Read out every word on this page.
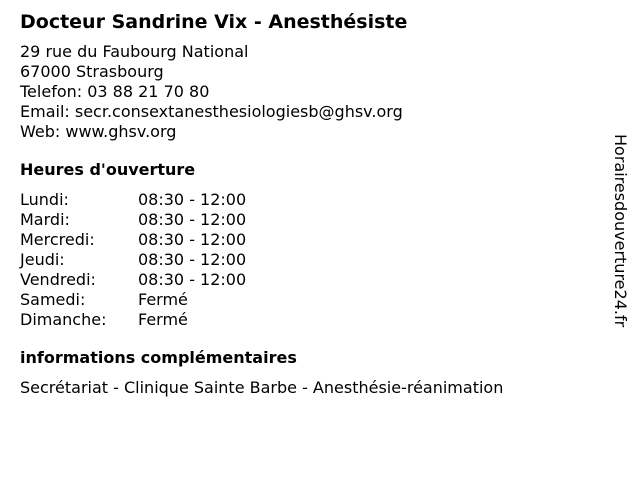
Docteur Sandrine Vix - Anesthésiste
29 rue du Faubourg National
67000 Strasbourg
Telefon: 03 88 21 70 80
Email: secr.consextanesthesiologiesb@ghsv.org
Web: www.ghsv.org
Heures d'ouverture
Lundi:	08:30 - 12:00
Mardi:	08:30 - 12:00
Mercredi:	08:30 - 12:00
Jeudi:	08:30 - 12:00
Vendredi:	08:30 - 12:00
Samedi:	Fermé
Dimanche:	Fermé
informations complémentaires
Secrétariat - Clinique Sainte Barbe - Anesthésie-réanimation
Horairesdouverture24.fr
